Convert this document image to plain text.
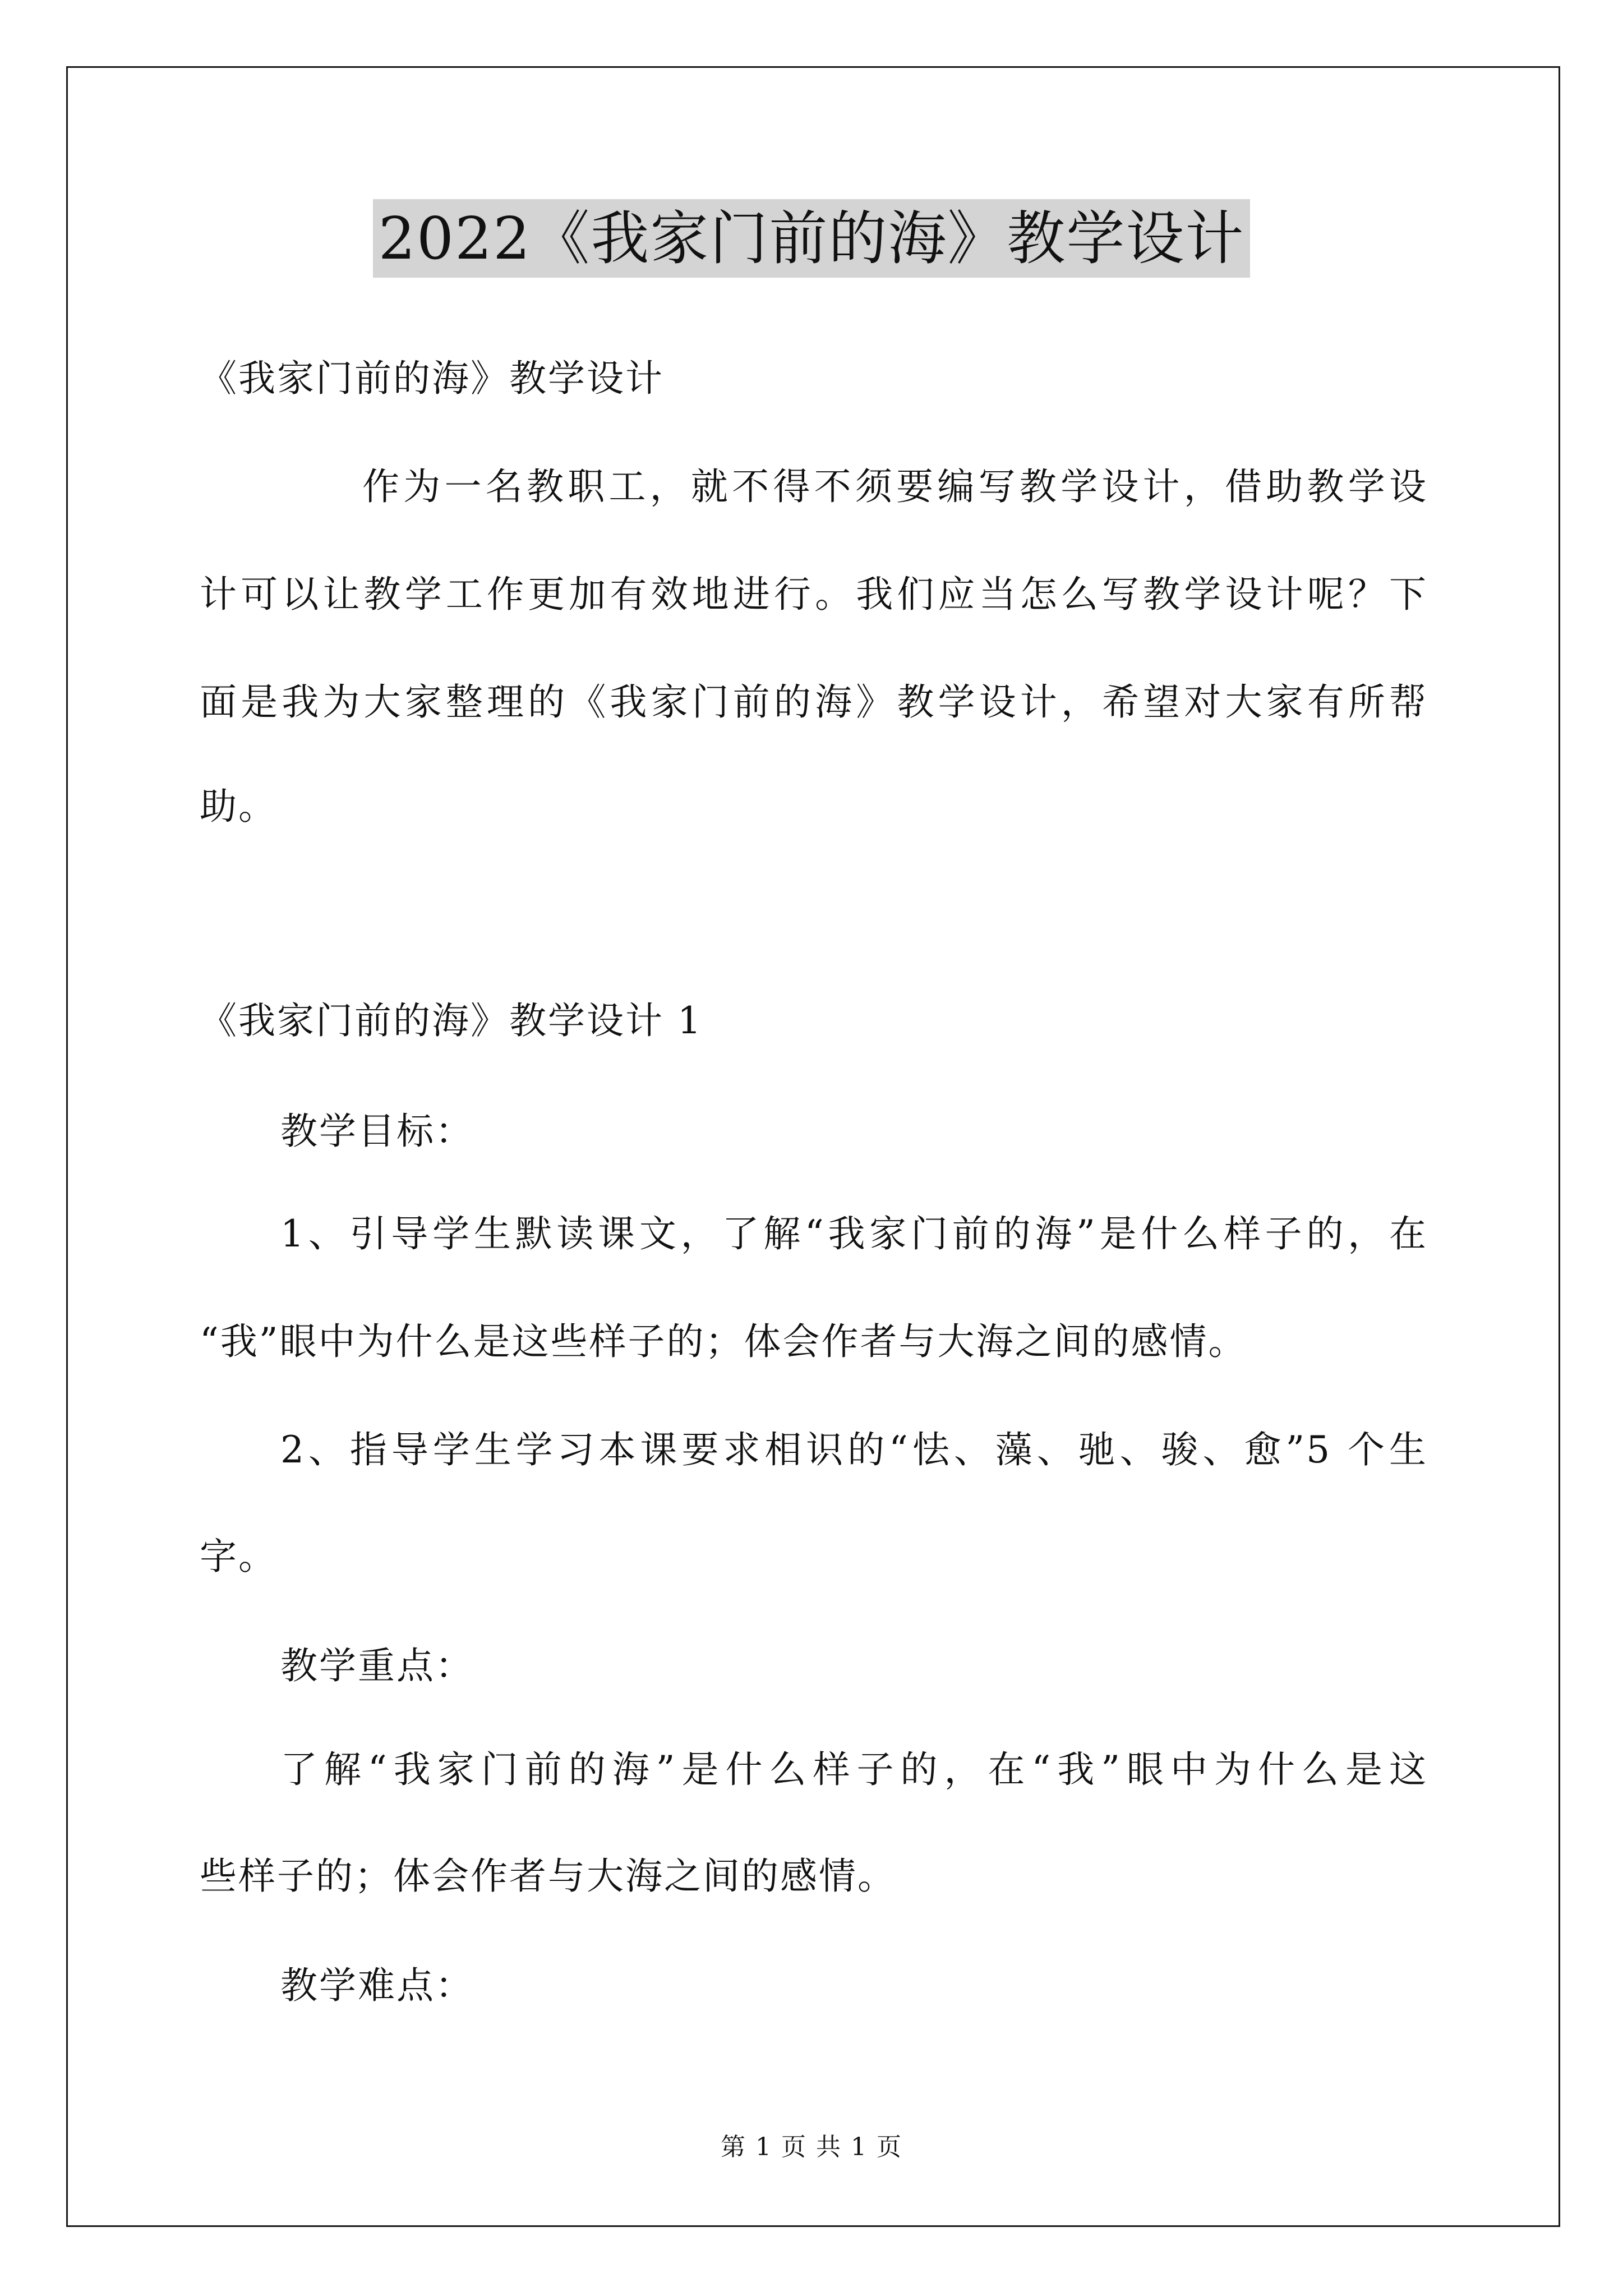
2022《我家门前的海》教学设计
《我家门前的海》教学设计
作为一名教职工，就不得不须要编写教学设计，借助教学设
计可以让教学工作更加有效地进行。我们应当怎么写教学设计呢？下
面是我为大家整理的《我家门前的海》教学设计，希望对大家有所帮
助。
《我家门前的海》教学设计 1
教学目标：
1、引导学生默读课文，了解“我家门前的海”是什么样子的，在
“我”眼中为什么是这些样子的；体会作者与大海之间的感情。
2、指导学生学习本课要求相识的“怯、藻、驰、骏、愈”5 个生
字。
教学重点：
了解“我家门前的海”是什么样子的，在“我”眼中为什么是这
些样子的；体会作者与大海之间的感情。
教学难点：
第 1 页 共 1 页
